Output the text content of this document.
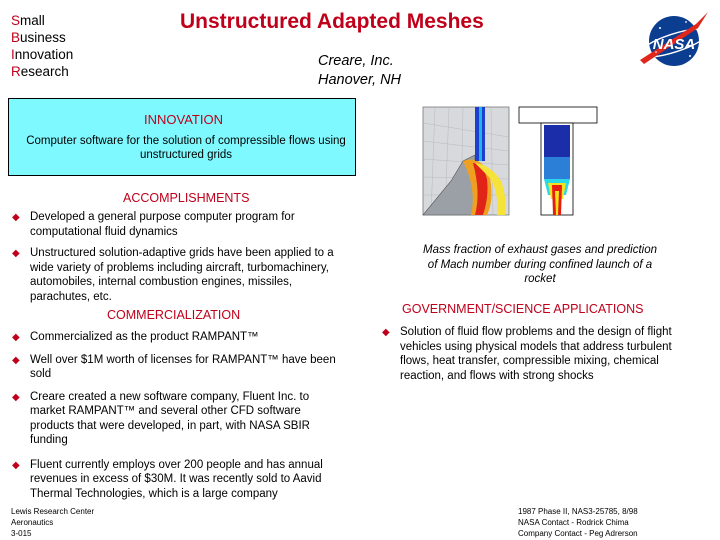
Small
Business
Innovation
Research
Unstructured Adapted Meshes
Creare, Inc.
Hanover, NH
NASA
INNOVATION
Computer software for the solution of compressible flows using unstructured grids
ACCOMPLISHMENTS
◆ Developed a general purpose computer program for computational fluid dynamics
◆ Unstructured solution-adaptive grids have been applied to a wide variety of problems including aircraft, turbomachinery, automobiles, internal combustion engines, missiles, parachutes, etc.
COMMERCIALIZATION
◆ Commercialized as the product RAMPANT™
◆ Well over $1M worth of licenses for RAMPANT™ have been sold
◆ Creare created a new software company, Fluent Inc. to market RAMPANT™ and several other CFD software products that were developed, in part, with NASA SBIR funding
◆ Fluent currently employs over 200 people and has annual revenues in excess of $30M. It was recently sold to Aavid Thermal Technologies, which is a large company
Mass fraction of exhaust gases and prediction of Mach number during confined launch of a rocket
GOVERNMENT/SCIENCE APPLICATIONS
◆ Solution of fluid flow problems and the design of flight vehicles using physical models that address turbulent flows, heat transfer, compressible mixing, chemical reaction, and flows with strong shocks
Lewis Research Center
Aeronautics
3-015
1987 Phase II, NAS3-25785, 8/98
NASA Contact - Rodrick Chima
Company Contact - Peg Adrerson
